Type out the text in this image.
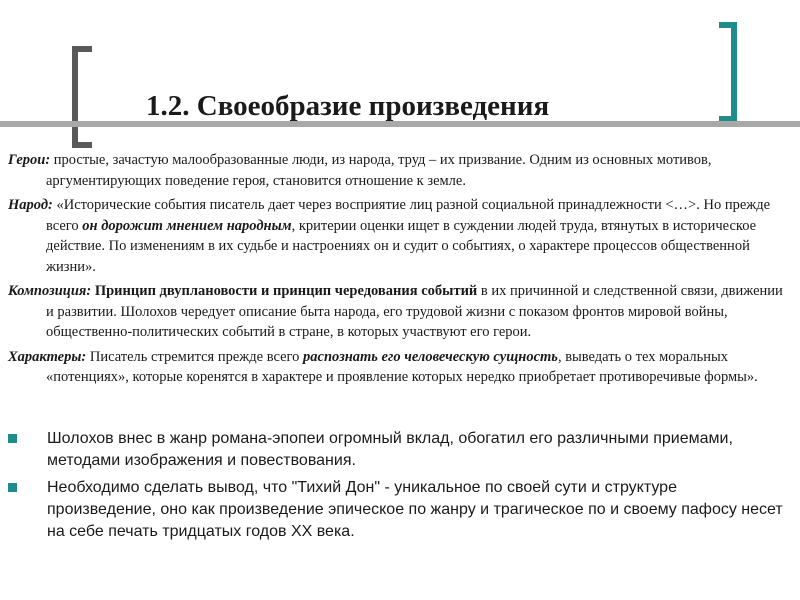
1.2. Своеобразие произведения

Герои: простые, зачастую малообразованные люди, из народа, труд – их призвание. Одним из основных мотивов, аргументирующих поведение героя, становится отношение к земле.

Народ: «Исторические события писатель дает через восприятие лиц разной социальной принадлежности <…>. Но прежде всего он дорожит мнением народным, критерии оценки ищет в суждении людей труда, втянутых в историческое действие. По изменениям в их судьбе и настроениях он и судит о событиях, о характере процессов общественной жизни».

Композиция: Принцип двуплановости и принцип чередования событий в их причинной и следственной связи, движении и развитии. Шолохов чередует описание быта народа, его трудовой жизни с показом фронтов мировой войны, общественно-политических событий в стране, в которых участвуют его герои.

Характеры: Писатель стремится прежде всего распознать его человеческую сущность, выведать о тех моральных «потенциях», которые коренятся в характере и проявление которых нередко приобретает противоречивые формы».

Шолохов внес в жанр романа-эпопеи огромный вклад, обогатил его различными приемами, методами изображения и повествования.
Необходимо сделать вывод, что "Тихий Дон" - уникальное по своей сути и структуре произведение, оно как произведение эпическое по жанру и трагическое по и своему пафосу несет на себе печать тридцатых годов XX века.
